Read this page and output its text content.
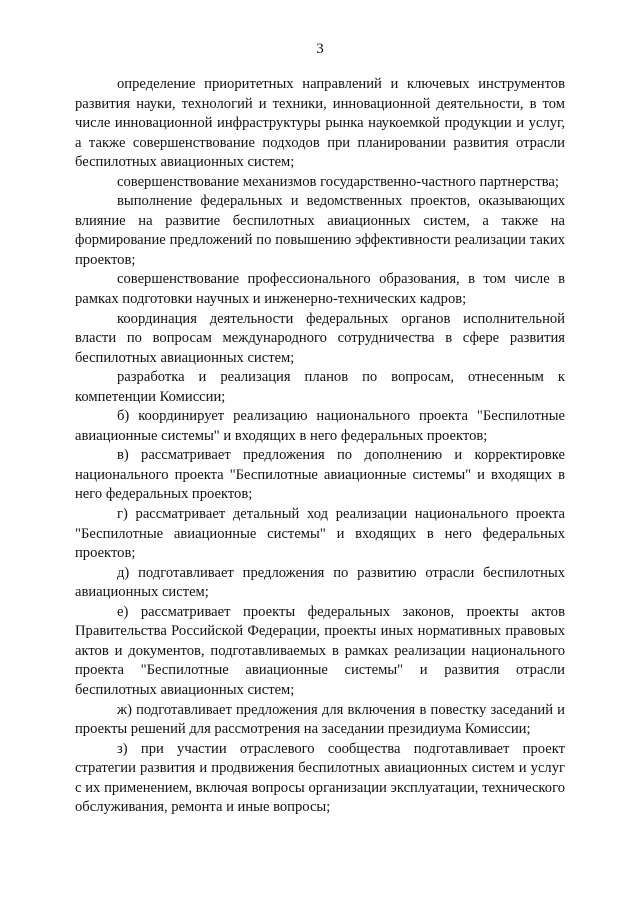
3

определение приоритетных направлений и ключевых инструментов развития науки, технологий и техники, инновационной деятельности, в том числе инновационной инфраструктуры рынка наукоемкой продукции и услуг, а также совершенствование подходов при планировании развития отрасли беспилотных авиационных систем;

совершенствование механизмов государственно-частного партнерства;

выполнение федеральных и ведомственных проектов, оказывающих влияние на развитие беспилотных авиационных систем, а также на формирование предложений по повышению эффективности реализации таких проектов;

совершенствование профессионального образования, в том числе в рамках подготовки научных и инженерно-технических кадров;

координация деятельности федеральных органов исполнительной власти по вопросам международного сотрудничества в сфере развития беспилотных авиационных систем;

разработка и реализация планов по вопросам, отнесенным к компетенции Комиссии;

б) координирует реализацию национального проекта "Беспилотные авиационные системы" и входящих в него федеральных проектов;

в) рассматривает предложения по дополнению и корректировке национального проекта "Беспилотные авиационные системы" и входящих в него федеральных проектов;

г) рассматривает детальный ход реализации национального проекта "Беспилотные авиационные системы" и входящих в него федеральных проектов;

д) подготавливает предложения по развитию отрасли беспилотных авиационных систем;

е) рассматривает проекты федеральных законов, проекты актов Правительства Российской Федерации, проекты иных нормативных правовых актов и документов, подготавливаемых в рамках реализации национального проекта "Беспилотные авиационные системы" и развития отрасли беспилотных авиационных систем;

ж) подготавливает предложения для включения в повестку заседаний и проекты решений для рассмотрения на заседании президиума Комиссии;

з) при участии отраслевого сообщества подготавливает проект стратегии развития и продвижения беспилотных авиационных систем и услуг с их применением, включая вопросы организации эксплуатации, технического обслуживания, ремонта и иные вопросы;
